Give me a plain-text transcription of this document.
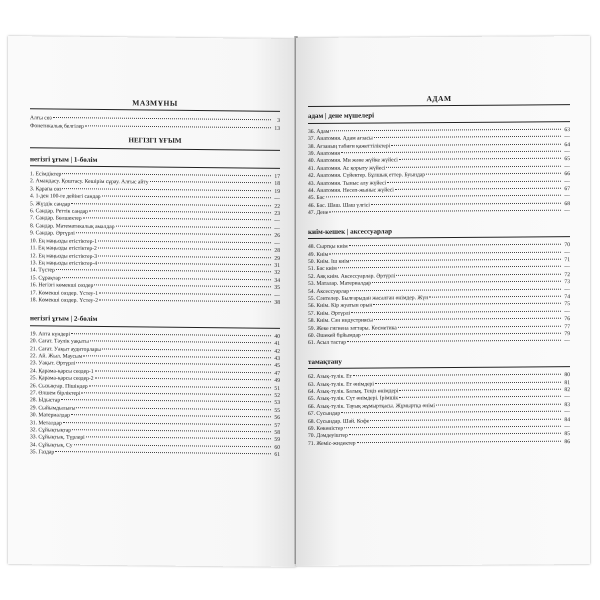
МАЗМҰНЫ
Алғы сөз	3
Фонетикалық белгілер	13
НЕГІЗГІ ҰҒЫМ
негізгі ұғым | 1-бөлім
1. Есімдіктер	17
2. Амандасу. Қоштасу. Кешірім сұрау. Алғыс айту	18
3. Қарапа сөз	19
4. 1-ден 100-ге дейінгі сандар	—
5. Жүздік сандар	22
6. Сандар. Реттік сандар	23
7. Сандар. Бөлшектер	—
8. Сандар. Математикалық амалдар	—
9. Сандар. Әртүрлі	26
10. Ең маңызды етістіктер-1	—
11. Ең маңызды етістіктер-2	28
12. Ең маңызды етістіктер-3	29
13. Ең маңызды етістіктер-4	31
14. Түстер	32
15. Сұрақтар	34
16. Негізгі көмекші сөздер	35
17. Көмекші сөздер. Үстеу-1	—
18. Көмекші сөздер. Үстеу-2	38
негізгі ұғым | 2-бөлім
19. Апта күндері	40
20. Сағат. Тәулік уақыты	41
21. Сағат. Уақыт аудиторлары	42
22. Ай. Жыл. Маусым	43
23. Уақыт. Әртүрлі	45
24. Қарама-қарсы сөздер-1	47
25. Қарама-қарсы сөздер-2	49
26. Сызықтар. Пішіндер	51
27. Өлшем бірліктері	52
28. Ыдыстар	53
29. Сыйымдылығы	55
30. Материалдар	56
31. Металдар	57
32. Сұйықтықтар	58
33. Сұйықтық. Түрлері	59
34. Сұйықтық. Су	60
35. Газдар	61
АДАМ
адам | дене мүшелері
36. Адам	63
37. Анатомия. Адам ағзасы	—
38. Ағзаның табиғи қажеттіліктері	64
39. Анатомия	—
40. Анатомия. Ми және жүйке жүйесі	65
41. Анатомия. Ас қорыту жүйесі	—
42. Анатомия. Сүйектер. Бұлшық еттер. Буындар	66
43. Анатомия. Тыныс алу жүйесі	—
44. Анатомия. Несеп-жыныс жүйесі	67
45. Бас	—
46. Бас. Шаш. Шаш үлгісі	68
47. Дене	—
киім-кешек | аксессуарлар
48. Сыртқы киім	70
49. Киім	—
50. Киім. Іш киім	71
51. Бас киім	—
52. Аяқ киім. Аксессуарлар. Әртүрлі	72
53. Маталар. Материалдар	73
54. Аксессуарлар	—
55. Сәнтелер. Былғарыдан жасалған өнімдер. Жүн	74
56. Киім. Кір жуатын орын	75
57. Киім. Әртүрлі	—
58. Киім. Сән индустриясы	76
59. Жеке гигиена заттары. Косметика	77
60. Әшекей бұйымдар	79
61. Асыл тастар	—
тамақтану
62. Азық-түлік. Ет	80
63. Азық-түлік. Ет өнімдері	81
64. Азық-түлік. Балық. Теңіз өнімдері	82
65. Азық-түлік. Сүт өнімдері. Ірімшік	—
66. Азық-түлік. Тауық жұмыртқасы. Жұмыртқа өнімі	83
67. Сусындар	—
68. Сусындар. Шай. Кофе	84
69. Көкөністер	—
70. Дәмдеуіштер	85
71. Жеміс-жидектер	86
